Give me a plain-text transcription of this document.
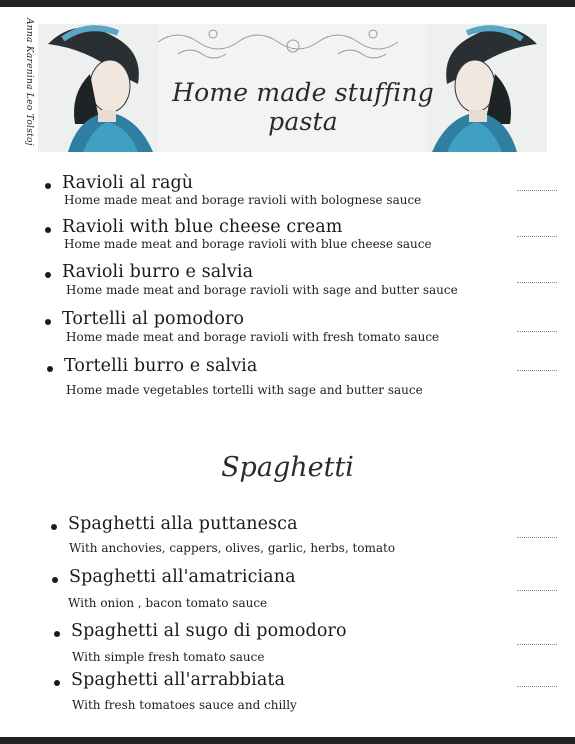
Anna Karenina Leo Tolstoj	Home made stuffing pasta
Ravioli al ragù
Home made meat and borage ravioli with bolognese sauce
Ravioli with blue cheese cream
Home made meat and borage ravioli with blue cheese sauce
Ravioli burro e salvia
Home made meat and borage ravioli with sage and butter sauce
Tortelli al pomodoro
Home made meat and borage ravioli with fresh tomato sauce
Tortelli burro e salvia
Home made vegetables tortelli with sage and butter sauce
Spaghetti
Spaghetti alla puttanesca
With anchovies, cappers, olives, garlic, herbs, tomato
Spaghetti all'amatriciana
With onion , bacon tomato sauce
Spaghetti al sugo di pomodoro
With simple fresh tomato sauce
Spaghetti all'arrabbiata
With fresh tomatoes sauce and chilly
